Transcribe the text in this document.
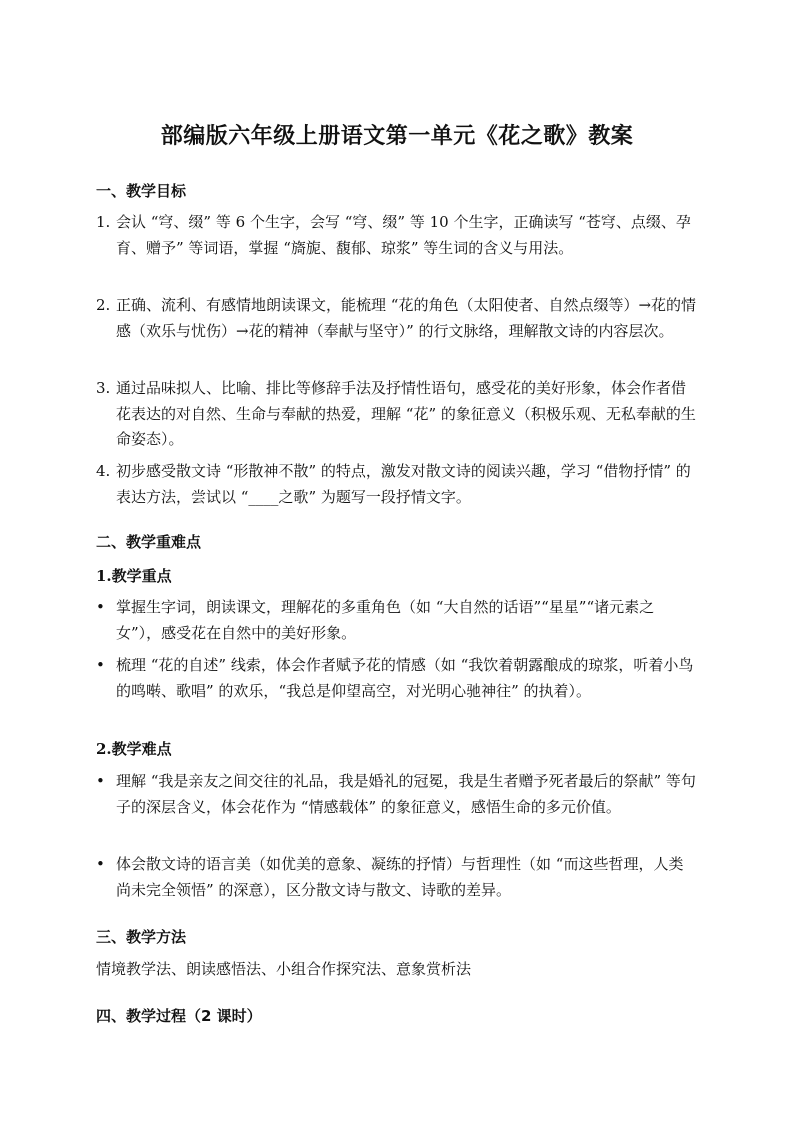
部编版六年级上册语文第一单元《花之歌》教案
一、教学目标
1. 会认 “穹、缀” 等 6 个生字，会写 “穹、缀” 等 10 个生字，正确读写 “苍穹、点缀、孕育、赠予” 等词语，掌握 “旖旎、馥郁、琼浆” 等生词的含义与用法。
2. 正确、流利、有感情地朗读课文，能梳理 “花的角色（太阳使者、自然点缀等）→花的情感（欢乐与忧伤）→花的精神（奉献与坚守）” 的行文脉络，理解散文诗的内容层次。
3. 通过品味拟人、比喻、排比等修辞手法及抒情性语句，感受花的美好形象，体会作者借花表达的对自然、生命与奉献的热爱，理解 “花” 的象征意义（积极乐观、无私奉献的生命姿态）。
4. 初步感受散文诗 “形散神不散” 的特点，激发对散文诗的阅读兴趣，学习 “借物抒情” 的表达方法，尝试以 “____之歌” 为题写一段抒情文字。
二、教学重难点
1.教学重点
• 掌握生字词，朗读课文，理解花的多重角色（如 “大自然的话语”“星星”“诸元素之女”），感受花在自然中的美好形象。
• 梳理 “花的自述” 线索，体会作者赋予花的情感（如 “我饮着朝露酿成的琼浆，听着小鸟的鸣啭、歌唱” 的欢乐，“我总是仰望高空，对光明心驰神往” 的执着）。
2.教学难点
• 理解 “我是亲友之间交往的礼品，我是婚礼的冠冕，我是生者赠予死者最后的祭献” 等句子的深层含义，体会花作为 “情感载体” 的象征意义，感悟生命的多元价值。
• 体会散文诗的语言美（如优美的意象、凝练的抒情）与哲理性（如 “而这些哲理，人类尚未完全领悟” 的深意），区分散文诗与散文、诗歌的差异。
三、教学方法
情境教学法、朗读感悟法、小组合作探究法、意象赏析法
四、教学过程（2 课时）
